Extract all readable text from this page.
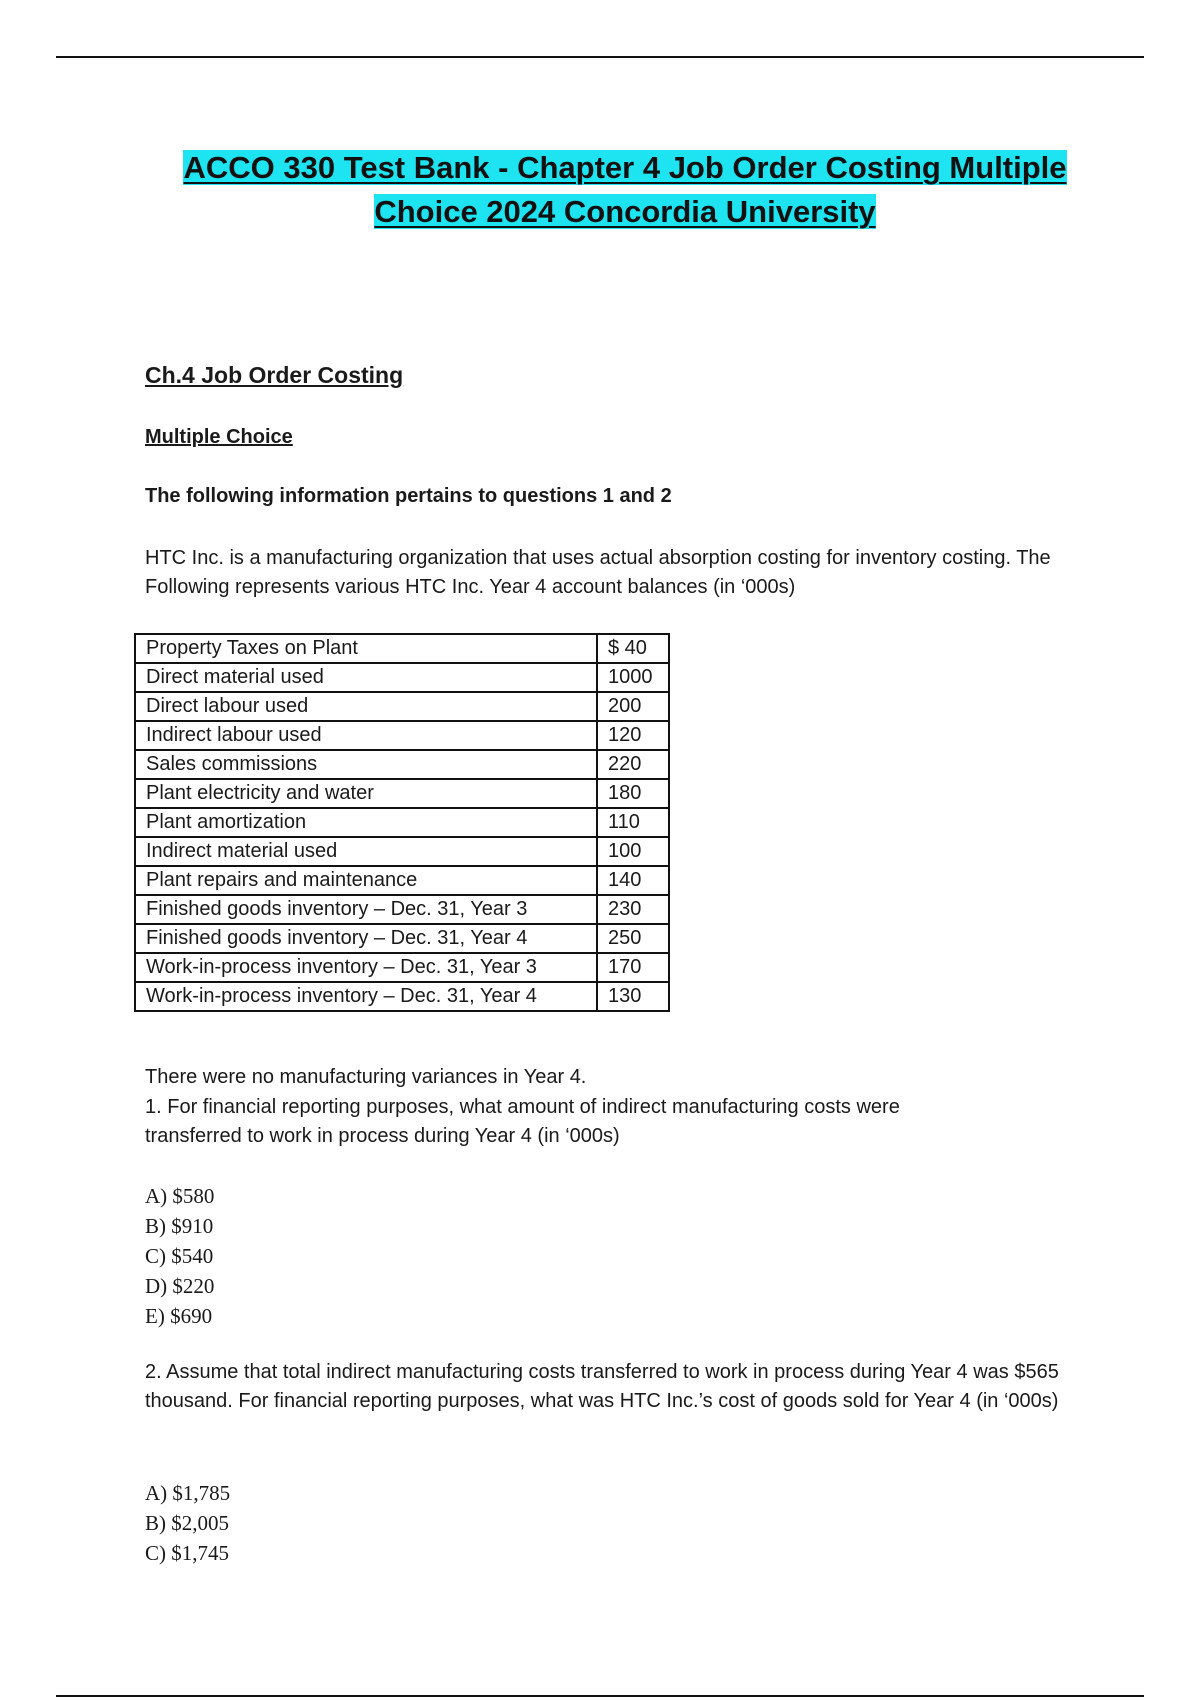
ACCO 330 Test Bank - Chapter 4 Job Order Costing Multiple
Choice 2024 Concordia University
Ch.4 Job Order Costing
Multiple Choice
The following information pertains to questions 1 and 2
HTC Inc. is a manufacturing organization that uses actual absorption costing for inventory costing. The Following represents various HTC Inc. Year 4 account balances (in ‘000s)
Property Taxes on Plant	$ 40
Direct material used	1000
Direct labour used	200
Indirect labour used	120
Sales commissions	220
Plant electricity and water	180
Plant amortization	110
Indirect material used	100
Plant repairs and maintenance	140
Finished goods inventory – Dec. 31, Year 3	230
Finished goods inventory – Dec. 31, Year 4	250
Work-in-process inventory – Dec. 31, Year 3	170
Work-in-process inventory – Dec. 31, Year 4	130
There were no manufacturing variances in Year 4.
1. For financial reporting purposes, what amount of indirect manufacturing costs were transferred to work in process during Year 4 (in ‘000s)
A) $580
B) $910
C) $540
D) $220
E) $690
2. Assume that total indirect manufacturing costs transferred to work in process during Year 4 was $565 thousand. For financial reporting purposes, what was HTC Inc.’s cost of goods sold for Year 4 (in ‘000s)
A) $1,785
B) $2,005
C) $1,745
